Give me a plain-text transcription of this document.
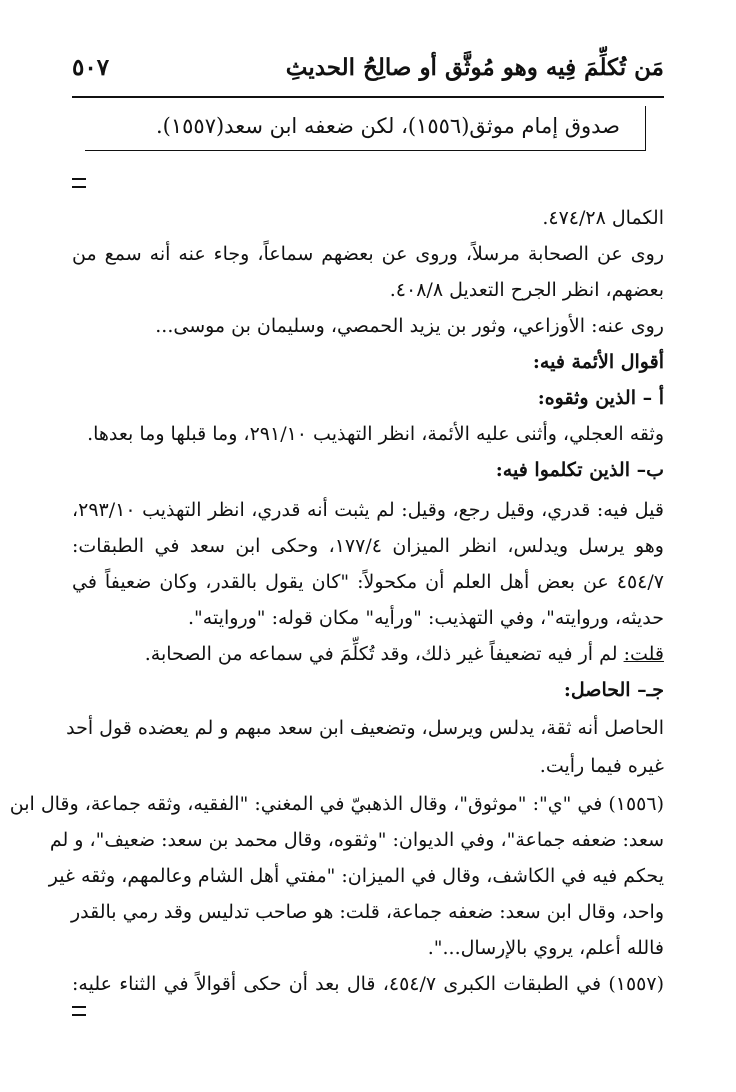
مَن تُكلِّمَ فِيه وهو مُوثَّق أو صالِحُ الحديثِ
٥٠٧
صدوق إمام موثق(١٥٥٦)، لكن ضعفه ابن سعد(١٥٥٧).
الكمال ٤٧٤/٢٨.
روى عن الصحابة مرسلاً، وروى عن بعضهم سماعاً، وجاء عنه أنه سمع من
بعضهم، انظر الجرح التعديل ٤٠٨/٨.
روى عنه: الأوزاعي، وثور بن يزيد الحمصي، وسليمان بن موسى...
أقوال الأئمة فيه:
أ – الذين وثقوه:
وثقه العجلي، وأثنى عليه الأئمة، انظر التهذيب ٢٩١/١٠، وما قبلها وما بعدها.
ب– الذين تكلموا فيه:
قيل فيه: قدري، وقيل رجع، وقيل: لم يثبت أنه قدري، انظر التهذيب ٢٩٣/١٠،
وهو يرسل ويدلس، انظر الميزان ١٧٧/٤، وحكى ابن سعد في الطبقات:
٤٥٤/٧ عن بعض أهل العلم أن مكحولاً: "كان يقول بالقدر، وكان ضعيفاً في
حديثه، وروايته"، وفي التهذيب: "ورأيه" مكان قوله: "وروايته".
قلت: لم أر فيه تضعيفاً غير ذلك، وقد تُكلِّمَ في سماعه من الصحابة.
جـ– الحاصل:
الحاصل أنه ثقة، يدلس ويرسل، وتضعيف ابن سعد مبهم و لم يعضده قول أحد
غيره فيما رأيت.
(١٥٥٦) في "ي": "موثوق"، وقال الذهبيّ في المغني: "الفقيه، وثقه جماعة، وقال ابن
سعد: ضعفه جماعة"، وفي الديوان: "وثقوه، وقال محمد بن سعد: ضعيف"، و لم
يحكم فيه في الكاشف، وقال في الميزان: "مفتي أهل الشام وعالمهم، وثقه غير
واحد، وقال ابن سعد: ضعفه جماعة، قلت: هو صاحب تدليس وقد رمي بالقدر
فالله أعلم، يروي بالإرسال...".
(١٥٥٧) في الطبقات الكبرى ٤٥٤/٧، قال بعد أن حكى أقوالاً في الثناء عليه:
